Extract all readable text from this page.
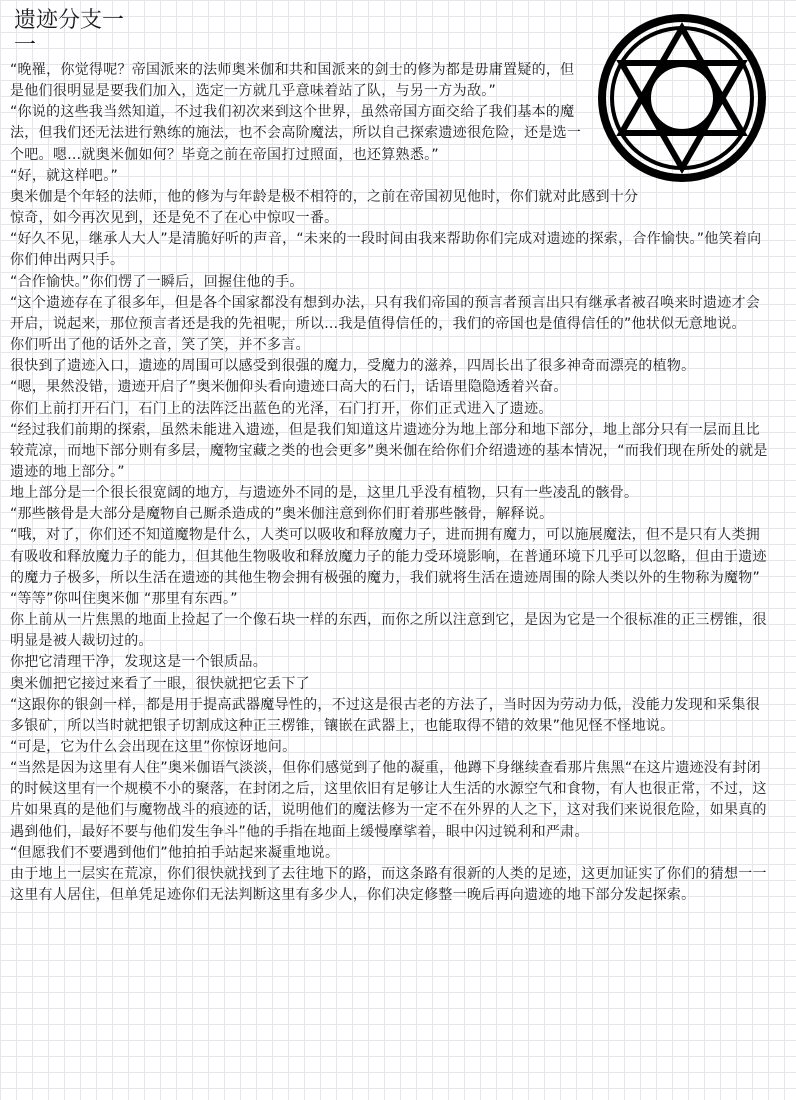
遗迹分支一
一

“晚罹，你觉得呢？帝国派来的法师奥米伽和共和国派来的剑士的修为都是毋庸置疑的，但是他们很明显是要我们加入，选定一方就几乎意味着站了队，与另一方为敌。”

“你说的这些我当然知道，不过我们初次来到这个世界，虽然帝国方面交给了我们基本的魔法，但我们还无法进行熟练的施法，也不会高阶魔法，所以自己探索遗迹很危险，还是选一个吧。嗯…就奥米伽如何？毕竟之前在帝国打过照面，也还算熟悉。”

“好，就这样吧。”

奥米伽是个年轻的法师，他的修为与年龄是极不相符的，之前在帝国初见他时，你们就对此感到十分惊奇，如今再次见到，还是免不了在心中惊叹一番。

“好久不见，继承人大人”是清脆好听的声音，“未来的一段时间由我来帮助你们完成对遗迹的探索，合作愉快。”他笑着向你们伸出两只手。

“合作愉快。”你们愣了一瞬后，回握住他的手。

“这个遗迹存在了很多年，但是各个国家都没有想到办法，只有我们帝国的预言者预言出只有继承者被召唤来时遗迹才会开启，说起来，那位预言者还是我的先祖呢，所以…我是值得信任的，我们的帝国也是值得信任的”他状似无意地说。

你们听出了他的话外之音，笑了笑，并不多言。

很快到了遗迹入口，遗迹的周围可以感受到很强的魔力，受魔力的滋养，四周长出了很多神奇而漂亮的植物。

“嗯，果然没错，遗迹开启了”奥米伽仰头看向遗迹口高大的石门，话语里隐隐透着兴奋。

你们上前打开石门，石门上的法阵泛出蓝色的光泽，石门打开，你们正式进入了遗迹。

“经过我们前期的探索，虽然未能进入遗迹，但是我们知道这片遗迹分为地上部分和地下部分，地上部分只有一层而且比较荒凉，而地下部分则有多层，魔物宝藏之类的也会更多”奥米伽在给你们介绍遗迹的基本情况，“而我们现在所处的就是遗迹的地上部分。”

地上部分是一个很长很宽阔的地方，与遗迹外不同的是，这里几乎没有植物，只有一些凌乱的骸骨。

“那些骸骨是大部分是魔物自己厮杀造成的”奥米伽注意到你们盯着那些骸骨，解释说。

“哦，对了，你们还不知道魔物是什么，人类可以吸收和释放魔力子，进而拥有魔力，可以施展魔法，但不是只有人类拥有吸收和释放魔力子的能力，但其他生物吸收和释放魔力子的能力受环境影响，在普通环境下几乎可以忽略，但由于遗迹的魔力子极多，所以生活在遗迹的其他生物会拥有极强的魔力，我们就将生活在遗迹周围的除人类以外的生物称为魔物”

“等等”你叫住奥米伽 “那里有东西。”

你上前从一片焦黑的地面上捡起了一个像石块一样的东西，而你之所以注意到它，是因为它是一个很标准的正三楞锥，很明显是被人裁切过的。

你把它清理干净，发现这是一个银质品。

奥米伽把它接过来看了一眼，很快就把它丢下了

“这跟你的银剑一样，都是用于提高武器魔导性的，不过这是很古老的方法了，当时因为劳动力低，没能力发现和采集很多银矿，所以当时就把银子切割成这种正三楞锥，镶嵌在武器上，也能取得不错的效果”他见怪不怪地说。

“可是，它为什么会出现在这里”你惊讶地问。

“当然是因为这里有人住”奥米伽语气淡淡，但你们感觉到了他的凝重，他蹲下身继续查看那片焦黑“在这片遗迹没有封闭的时候这里有一个规模不小的聚落，在封闭之后，这里依旧有足够让人生活的水源空气和食物，有人也很正常，不过，这片如果真的是他们与魔物战斗的痕迹的话，说明他们的魔法修为一定不在外界的人之下，这对我们来说很危险，如果真的遇到他们，最好不要与他们发生争斗”他的手指在地面上缓慢摩挲着，眼中闪过锐利和严肃。

“但愿我们不要遇到他们”他拍拍手站起来凝重地说。

由于地上一层实在荒凉，你们很快就找到了去往地下的路，而这条路有很新的人类的足迹，这更加证实了你们的猜想一一这里有人居住，但单凭足迹你们无法判断这里有多少人，你们决定修整一晚后再向遗迹的地下部分发起探索。
